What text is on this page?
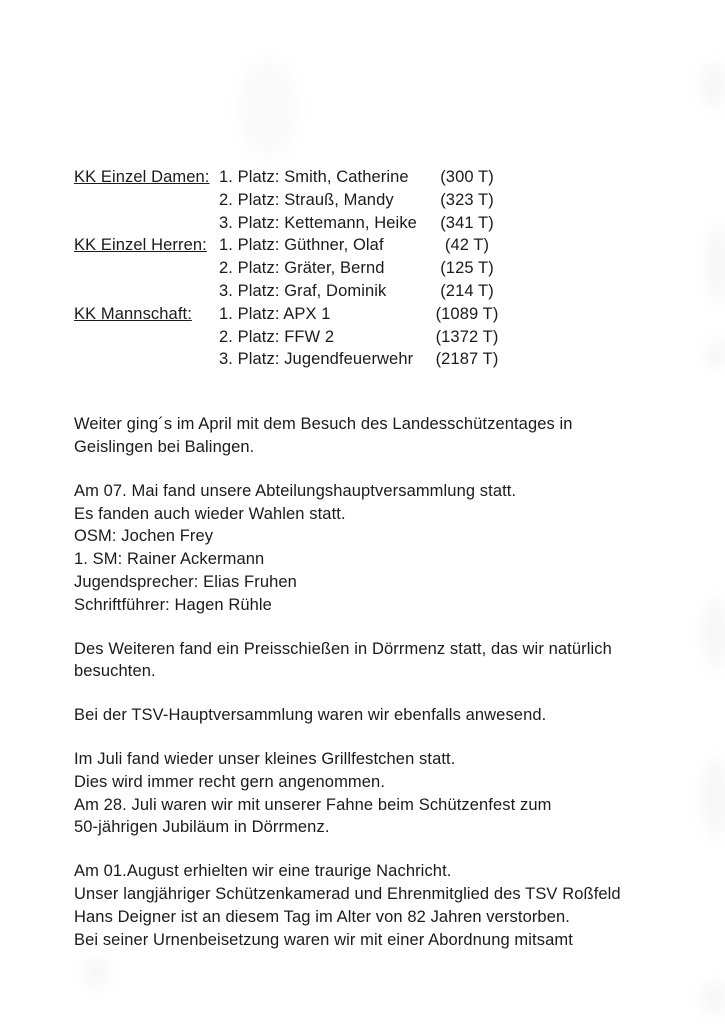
KK Einzel Damen: 1. Platz: Smith, Catherine	(300 T)
2. Platz: Strauß, Mandy	(323 T)
3. Platz: Kettemann, Heike	(341 T)
KK Einzel Herren: 1. Platz: Güthner, Olaf	(42 T)
2. Platz: Gräter, Bernd	(125 T)
3. Platz: Graf, Dominik	(214 T)
KK Mannschaft:	1. Platz: APX 1	(1089 T)
2. Platz: FFW 2	(1372 T)
3. Platz: Jugendfeuerwehr	(2187 T)

Weiter ging´s im April mit dem Besuch des Landesschützentages in
Geislingen bei Balingen.

Am 07. Mai fand unsere Abteilungshauptversammlung statt.
Es fanden auch wieder Wahlen statt.
OSM: Jochen Frey
1. SM: Rainer Ackermann
Jugendsprecher: Elias Fruhen
Schriftführer: Hagen Rühle

Des Weiteren fand ein Preisschießen in Dörrmenz statt, das wir natürlich
besuchten.

Bei der TSV-Hauptversammlung waren wir ebenfalls anwesend.

Im Juli fand wieder unser kleines Grillfestchen statt.
Dies wird immer recht gern angenommen.
Am 28. Juli waren wir mit unserer Fahne beim Schützenfest zum
50-jährigen Jubiläum in Dörrmenz.

Am 01.August erhielten wir eine traurige Nachricht.
Unser langjähriger Schützenkamerad und Ehrenmitglied des TSV Roßfeld
Hans Deigner ist an diesem Tag im Alter von 82 Jahren verstorben.
Bei seiner Urnenbeisetzung waren wir mit einer Abordnung mitsamt
